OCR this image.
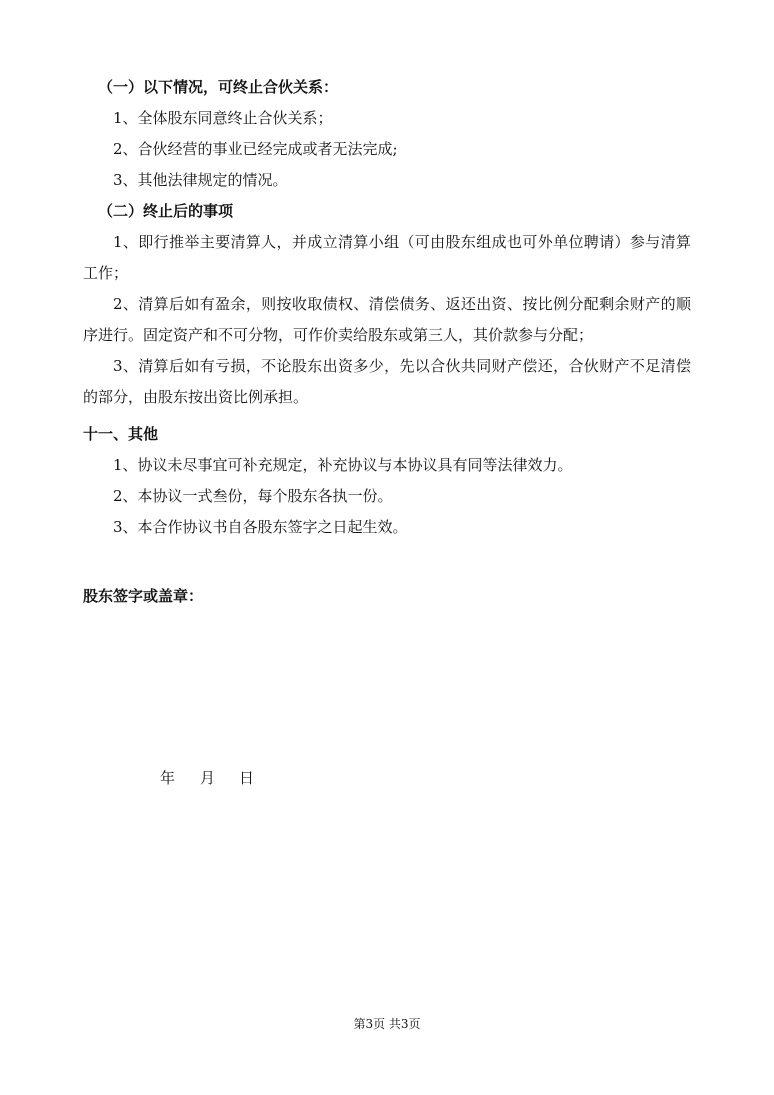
（一）以下情况，可终止合伙关系：
1、全体股东同意终止合伙关系；
2、合伙经营的事业已经完成或者无法完成;
3、其他法律规定的情况。
（二）终止后的事项
1、即行推举主要清算人，并成立清算小组（可由股东组成也可外单位聘请）参与清算工作；
2、清算后如有盈余，则按收取债权、清偿债务、返还出资、按比例分配剩余财产的顺序进行。固定资产和不可分物，可作价卖给股东或第三人，其价款参与分配；
3、清算后如有亏损，不论股东出资多少，先以合伙共同财产偿还，合伙财产不足清偿的部分，由股东按出资比例承担。
十一、其他
1、协议未尽事宜可补充规定，补充协议与本协议具有同等法律效力。
2、本协议一式叁份，每个股东各执一份。
3、本合作协议书自各股东签字之日起生效。
股东签字或盖章：
年 月 日
第3页 共3页
